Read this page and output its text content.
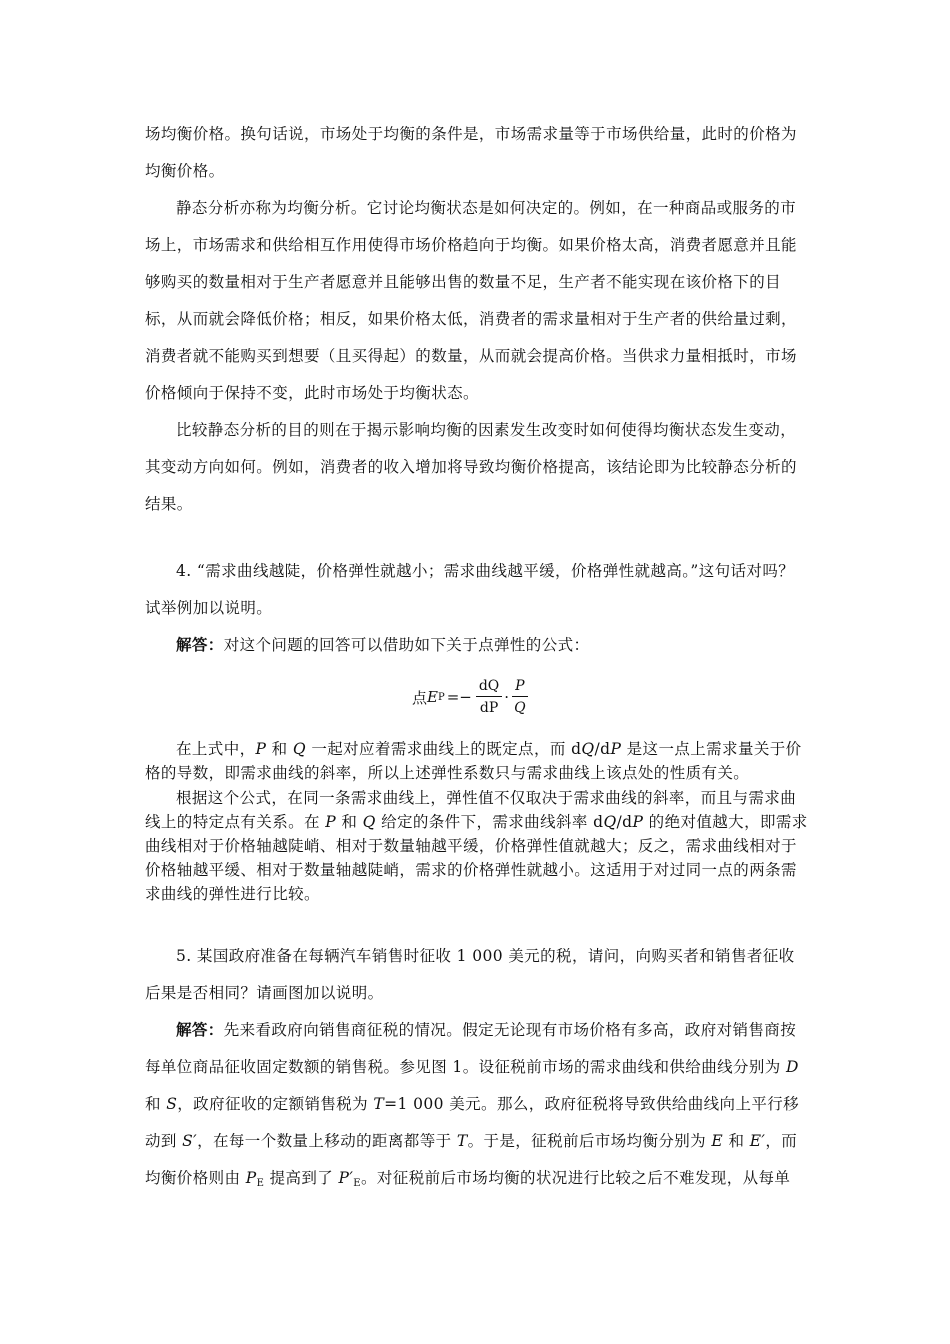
场均衡价格。换句话说，市场处于均衡的条件是，市场需求量等于市场供给量，此时的价格为均衡价格。
静态分析亦称为均衡分析。它讨论均衡状态是如何决定的。例如，在一种商品或服务的市场上，市场需求和供给相互作用使得市场价格趋向于均衡。如果价格太高，消费者愿意并且能够购买的数量相对于生产者愿意并且能够出售的数量不足，生产者不能实现在该价格下的目标，从而就会降低价格；相反，如果价格太低，消费者的需求量相对于生产者的供给量过剩，消费者就不能购买到想要（且买得起）的数量，从而就会提高价格。当供求力量相抵时，市场价格倾向于保持不变，此时市场处于均衡状态。
比较静态分析的目的则在于揭示影响均衡的因素发生改变时如何使得均衡状态发生变动，其变动方向如何。例如，消费者的收入增加将导致均衡价格提高，该结论即为比较静态分析的结果。
4. “需求曲线越陡，价格弹性就越小；需求曲线越平缓，价格弹性就越高。”这句话对吗？试举例加以说明。
解答：对这个问题的回答可以借助如下关于点弹性的公式：
点 E $P =- \frac{dQ}{dP} \cdot \frac{P}{Q}$
在上式中，P 和 Q 一起对应着需求曲线上的既定点，而 dQ/dP 是这一点上需求量关于价格的导数，即需求曲线的斜率，所以上述弹性系数只与需求曲线上该点处的性质有关。
根据这个公式，在同一条需求曲线上，弹性值不仅取决于需求曲线的斜率，而且与需求曲线上的特定点有关系。在 P 和 Q 给定的条件下，需求曲线斜率 dQ/dP 的绝对值越大，即需求曲线相对于价格轴越陡峭、相对于数量轴越平缓，价格弹性值就越大；反之，需求曲线相对于价格轴越平缓、相对于数量轴越陡峭，需求的价格弹性就越小。这适用于对过同一点的两条需求曲线的弹性进行比较。
5. 某国政府准备在每辆汽车销售时征收 1 000 美元的税，请问，向购买者和销售者征收后果是否相同？请画图加以说明。
解答：先来看政府向销售商征税的情况。假定无论现有市场价格有多高，政府对销售商按每单位商品征收固定数额的销售税。参见图 1。设征税前市场的需求曲线和供给曲线分别为 D 和 S，政府征收的定额销售税为 T=1 000 美元。那么，政府征税将导致供给曲线向上平行移动到 S′，在每一个数量上移动的距离都等于 T。于是，征税前后市场均衡分别为 E 和 E′，而均衡价格则由 $P_E$ 提高到了 $P'_E$。对征税前后市场均衡的状况进行比较之后不难发现，从每单
